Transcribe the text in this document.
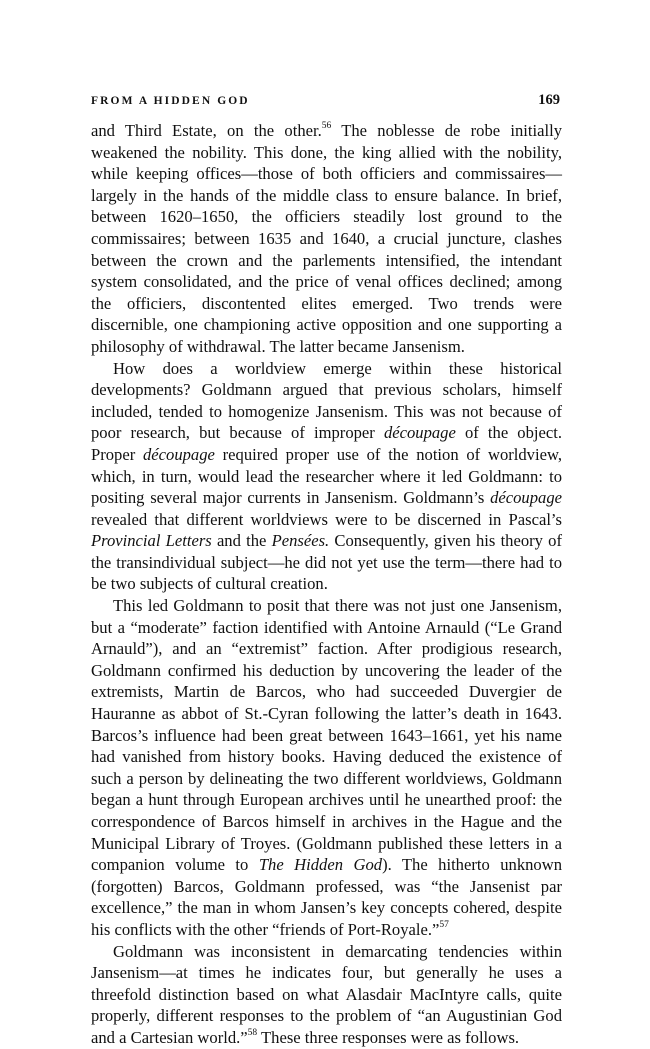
FROM A HIDDEN GOD	169

and Third Estate, on the other.$^{56}$ The noblesse de robe initially weakened the nobility. This done, the king allied with the nobility, while keeping offices—those of both officiers and commissaires—largely in the hands of the middle class to ensure balance. In brief, between 1620–1650, the officiers steadily lost ground to the commissaires; between 1635 and 1640, a crucial juncture, clashes between the crown and the parlements intensified, the intendant system consolidated, and the price of venal offices declined; among the officiers, discontented elites emerged. Two trends were discernible, one championing active opposition and one supporting a philosophy of withdrawal. The latter became Jansenism.

How does a worldview emerge within these historical developments? Goldmann argued that previous scholars, himself included, tended to homogenize Jansenism. This was not because of poor research, but because of improper découpage of the object. Proper découpage required proper use of the notion of worldview, which, in turn, would lead the researcher where it led Goldmann: to positing several major currents in Jansenism. Goldmann’s découpage revealed that different worldviews were to be discerned in Pascal’s Provincial Letters and the Pensées. Consequently, given his theory of the transindividual subject—he did not yet use the term—there had to be two subjects of cultural creation.

This led Goldmann to posit that there was not just one Jansenism, but a “moderate” faction identified with Antoine Arnauld (“Le Grand Arnauld”), and an “extremist” faction. After prodigious research, Goldmann confirmed his deduction by uncovering the leader of the extremists, Martin de Barcos, who had succeeded Duvergier de Hauranne as abbot of St.-Cyran following the latter’s death in 1643. Barcos’s influence had been great between 1643–1661, yet his name had vanished from history books. Having deduced the existence of such a person by delineating the two different worldviews, Goldmann began a hunt through European archives until he unearthed proof: the correspondence of Barcos himself in archives in the Hague and the Municipal Library of Troyes. (Goldmann published these letters in a companion volume to The Hidden God). The hitherto unknown (forgotten) Barcos, Goldmann professed, was “the Jansenist par excellence,” the man in whom Jansen’s key concepts cohered, despite his conflicts with the other “friends of Port-Royale.”$^{57}$

Goldmann was inconsistent in demarcating tendencies within Jansenism—at times he indicates four, but generally he uses a threefold distinction based on what Alasdair MacIntyre calls, quite properly, different responses to the problem of “an Augustinian God and a Cartesian world.”$^{58}$ These three responses were as follows.
